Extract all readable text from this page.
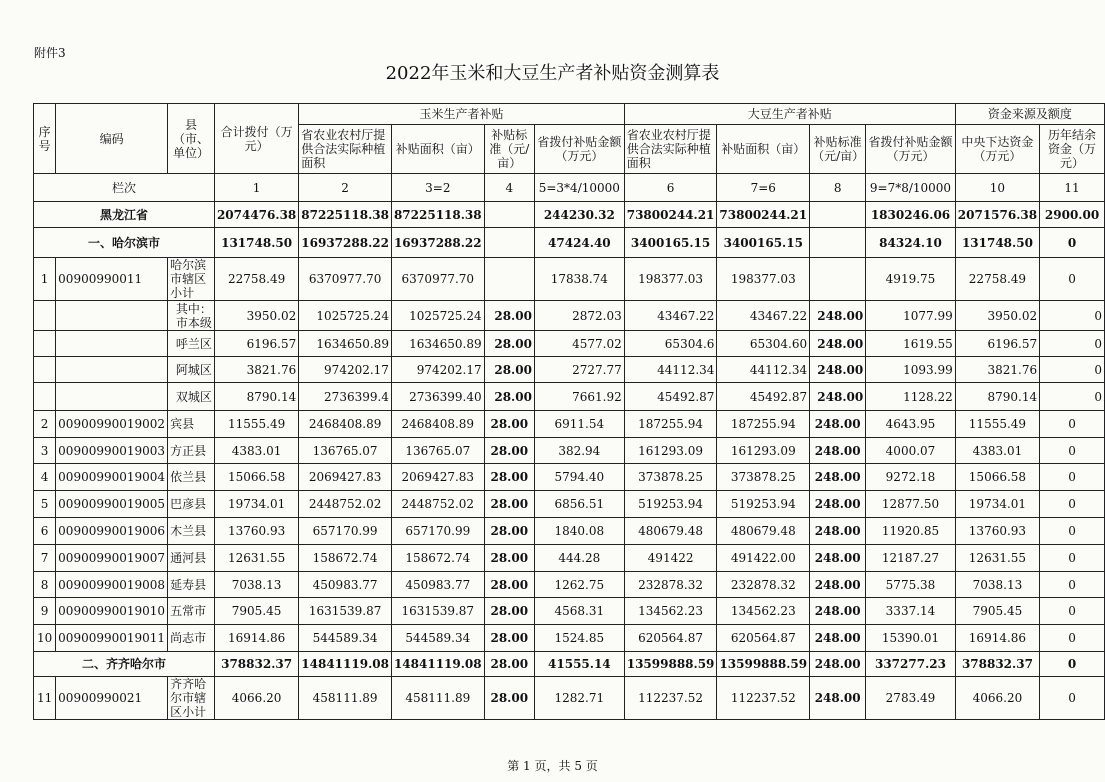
附件3
2022年玉米和大豆生产者补贴资金测算表
序号	编码	县（市、单位）	合计拨付（万元）	玉米生产者补贴				大豆生产者补贴				资金来源及额度	
				省农业农村厅提供合法实际种植面积	补贴面积（亩）	补贴标准（元/亩）	省拨付补贴金额（万元）	省农业农村厅提供合法实际种植面积	补贴面积（亩）	补贴标准（元/亩）	省拨付补贴金额（万元）	中央下达资金（万元）	历年结余资金（万元）
栏次			1	2	3=2	4	5=3*4/10000	6	7=6	8	9=7*8/10000	10	11
黑龙江省			2074476.38	87225118.38	87225118.38		244230.32	73800244.21	73800244.21		1830246.06	2071576.38	2900.00
一、哈尔滨市			131748.50	16937288.22	16937288.22		47424.40	3400165.15	3400165.15		84324.10	131748.50	0
1	00900990011	哈尔滨市辖区小计	22758.49	6370977.70	6370977.70		17838.74	198377.03	198377.03		4919.75	22758.49	0
		其中：市本级	3950.02	1025725.24	1025725.24	28.00	2872.03	43467.22	43467.22	248.00	1077.99	3950.02	0
		呼兰区	6196.57	1634650.89	1634650.89	28.00	4577.02	65304.6	65304.60	248.00	1619.55	6196.57	0
		阿城区	3821.76	974202.17	974202.17	28.00	2727.77	44112.34	44112.34	248.00	1093.99	3821.76	0
		双城区	8790.14	2736399.4	2736399.40	28.00	7661.92	45492.87	45492.87	248.00	1128.22	8790.14	0
2	00900990019002	宾县	11555.49	2468408.89	2468408.89	28.00	6911.54	187255.94	187255.94	248.00	4643.95	11555.49	0
3	00900990019003	方正县	4383.01	136765.07	136765.07	28.00	382.94	161293.09	161293.09	248.00	4000.07	4383.01	0
4	00900990019004	依兰县	15066.58	2069427.83	2069427.83	28.00	5794.40	373878.25	373878.25	248.00	9272.18	15066.58	0
5	00900990019005	巴彦县	19734.01	2448752.02	2448752.02	28.00	6856.51	519253.94	519253.94	248.00	12877.50	19734.01	0
6	00900990019006	木兰县	13760.93	657170.99	657170.99	28.00	1840.08	480679.48	480679.48	248.00	11920.85	13760.93	0
7	00900990019007	通河县	12631.55	158672.74	158672.74	28.00	444.28	491422	491422.00	248.00	12187.27	12631.55	0
8	00900990019008	延寿县	7038.13	450983.77	450983.77	28.00	1262.75	232878.32	232878.32	248.00	5775.38	7038.13	0
9	00900990019010	五常市	7905.45	1631539.87	1631539.87	28.00	4568.31	134562.23	134562.23	248.00	3337.14	7905.45	0
10	00900990019011	尚志市	16914.86	544589.34	544589.34	28.00	1524.85	620564.87	620564.87	248.00	15390.01	16914.86	0
二、齐齐哈尔市			378832.37	14841119.08	14841119.08	28.00	41555.14	13599888.59	13599888.59	248.00	337277.23	378832.37	0
11	00900990021	齐齐哈尔市辖区小计	4066.20	458111.89	458111.89	28.00	1282.71	112237.52	112237.52	248.00	2783.49	4066.20	0
第 1 页，共 5 页
